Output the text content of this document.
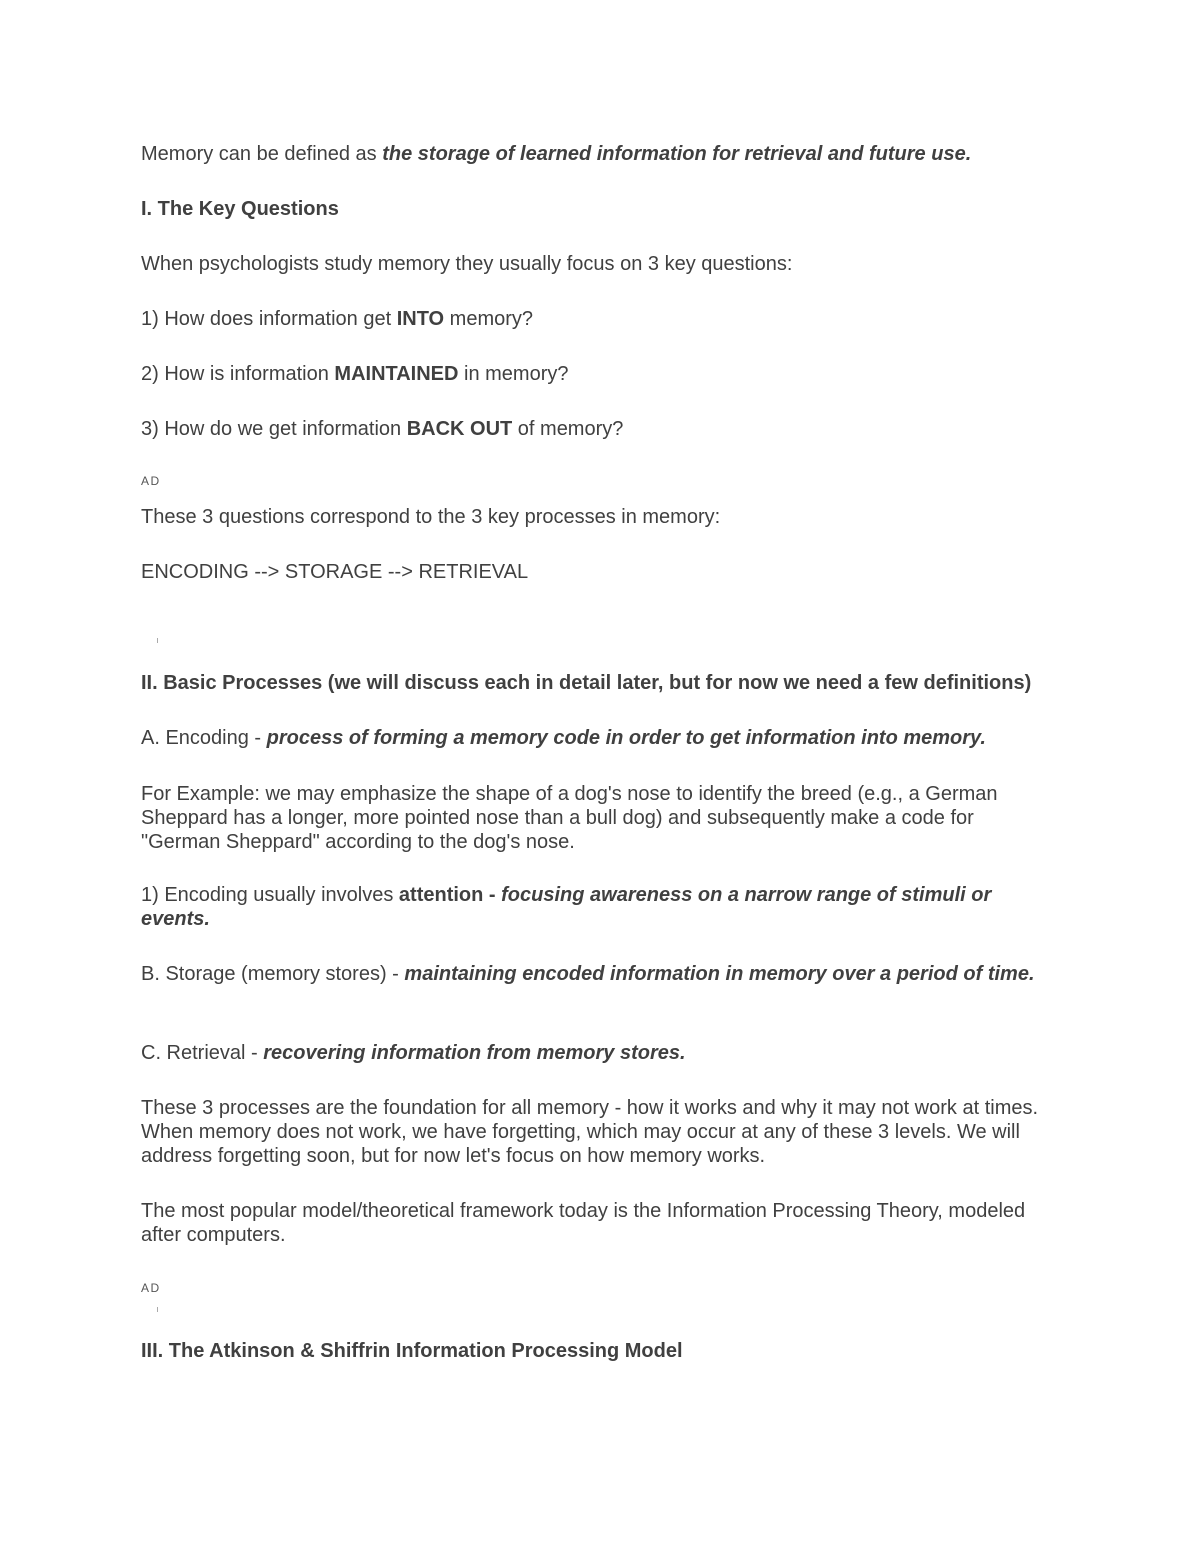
Memory can be defined as the storage of learned information for retrieval and future use.

I. The Key Questions

When psychologists study memory they usually focus on 3 key questions:

1) How does information get INTO memory?

2) How is information MAINTAINED in memory?

3) How do we get information BACK OUT of memory?

AD

These 3 questions correspond to the 3 key processes in memory:

ENCODING --> STORAGE --> RETRIEVAL

II. Basic Processes (we will discuss each in detail later, but for now we need a few definitions)

A. Encoding - process of forming a memory code in order to get information into memory.

For Example: we may emphasize the shape of a dog's nose to identify the breed (e.g., a German Sheppard has a longer, more pointed nose than a bull dog) and subsequently make a code for "German Sheppard" according to the dog's nose.

1) Encoding usually involves attention - focusing awareness on a narrow range of stimuli or events.

B. Storage (memory stores) - maintaining encoded information in memory over a period of time.

C. Retrieval - recovering information from memory stores.

These 3 processes are the foundation for all memory - how it works and why it may not work at times. When memory does not work, we have forgetting, which may occur at any of these 3 levels. We will address forgetting soon, but for now let's focus on how memory works.

The most popular model/theoretical framework today is the Information Processing Theory, modeled after computers.

AD

III. The Atkinson & Shiffrin Information Processing Model
